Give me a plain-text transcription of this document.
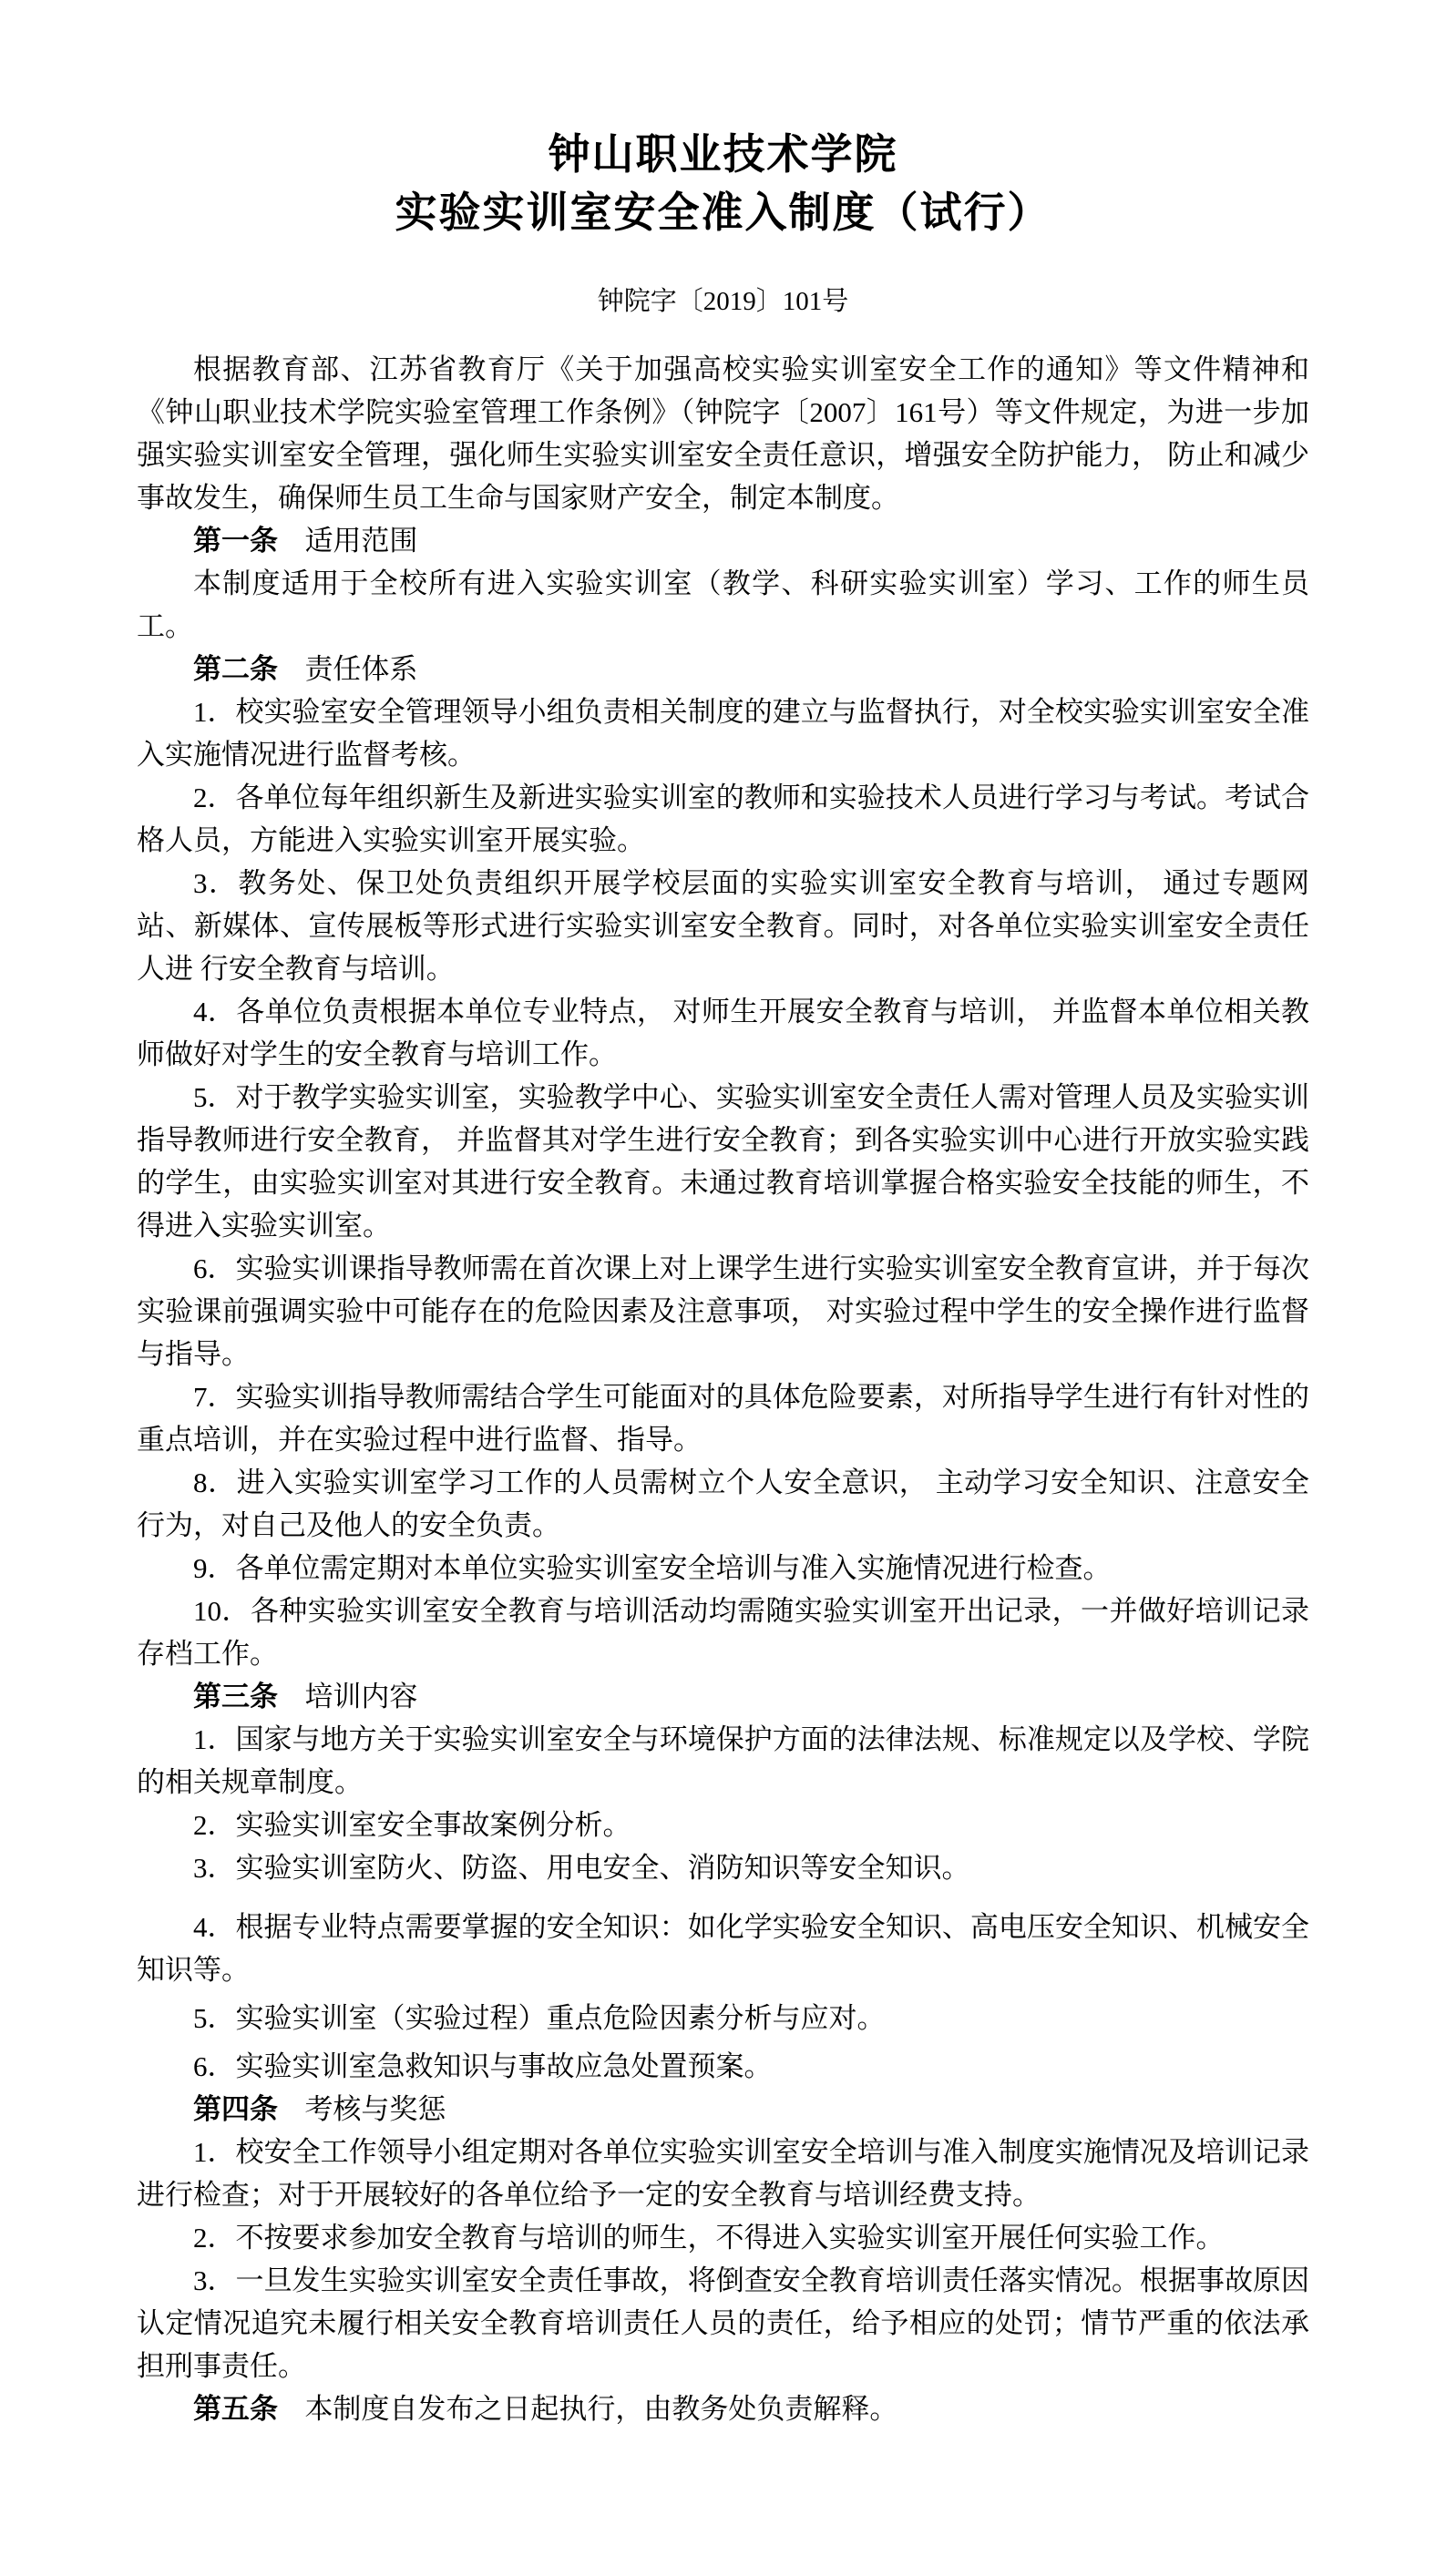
钟山职业技术学院
实验实训室安全准入制度（试行）

钟院字〔2019〕101号

根据教育部、江苏省教育厅《关于加强高校实验实训室安全工作的通知》等文件精神和《钟山职业技术学院实验室管理工作条例》（钟院字〔2007〕161号）等文件规定，为进一步加强实验实训室安全管理，强化师生实验实训室安全责任意识，增强安全防护能力， 防止和减少事故发生，确保师生员工生命与国家财产安全，制定本制度。

第一条 适用范围

本制度适用于全校所有进入实验实训室（教学、科研实验实训室）学习、工作的师生员工。

第二条 责任体系

1．校实验室安全管理领导小组负责相关制度的建立与监督执行，对全校实验实训室安全准入实施情况进行监督考核。

2．各单位每年组织新生及新进实验实训室的教师和实验技术人员进行学习与考试。考试合格人员，方能进入实验实训室开展实验。

3．教务处、保卫处负责组织开展学校层面的实验实训室安全教育与培训， 通过专题网站、新媒体、宣传展板等形式进行实验实训室安全教育。同时，对各单位实验实训室安全责任人进 行安全教育与培训。

4．各单位负责根据本单位专业特点， 对师生开展安全教育与培训， 并监督本单位相关教师做好对学生的安全教育与培训工作。

5．对于教学实验实训室，实验教学中心、实验实训室安全责任人需对管理人员及实验实训指导教师进行安全教育， 并监督其对学生进行安全教育；到各实验实训中心进行开放实验实践的学生，由实验实训室对其进行安全教育。未通过教育培训掌握合格实验安全技能的师生，不得进入实验实训室。

6．实验实训课指导教师需在首次课上对上课学生进行实验实训室安全教育宣讲，并于每次实验课前强调实验中可能存在的危险因素及注意事项， 对实验过程中学生的安全操作进行监督与指导。

7．实验实训指导教师需结合学生可能面对的具体危险要素，对所指导学生进行有针对性的重点培训，并在实验过程中进行监督、指导。

8．进入实验实训室学习工作的人员需树立个人安全意识， 主动学习安全知识、注意安全行为，对自己及他人的安全负责。

9．各单位需定期对本单位实验实训室安全培训与准入实施情况进行检查。

10．各种实验实训室安全教育与培训活动均需随实验实训室开出记录，一并做好培训记录存档工作。

第三条 培训内容

1．国家与地方关于实验实训室安全与环境保护方面的法律法规、标准规定以及学校、学院的相关规章制度。

2．实验实训室安全事故案例分析。

3．实验实训室防火、防盗、用电安全、消防知识等安全知识。

4．根据专业特点需要掌握的安全知识：如化学实验安全知识、高电压安全知识、机械安全知识等。

5．实验实训室（实验过程）重点危险因素分析与应对。

6．实验实训室急救知识与事故应急处置预案。

第四条 考核与奖惩

1．校安全工作领导小组定期对各单位实验实训室安全培训与准入制度实施情况及培训记录进行检查；对于开展较好的各单位给予一定的安全教育与培训经费支持。

2．不按要求参加安全教育与培训的师生，不得进入实验实训室开展任何实验工作。

3．一旦发生实验实训室安全责任事故，将倒查安全教育培训责任落实情况。根据事故原因认定情况追究未履行相关安全教育培训责任人员的责任，给予相应的处罚；情节严重的依法承担刑事责任。

第五条 本制度自发布之日起执行，由教务处负责解释。
